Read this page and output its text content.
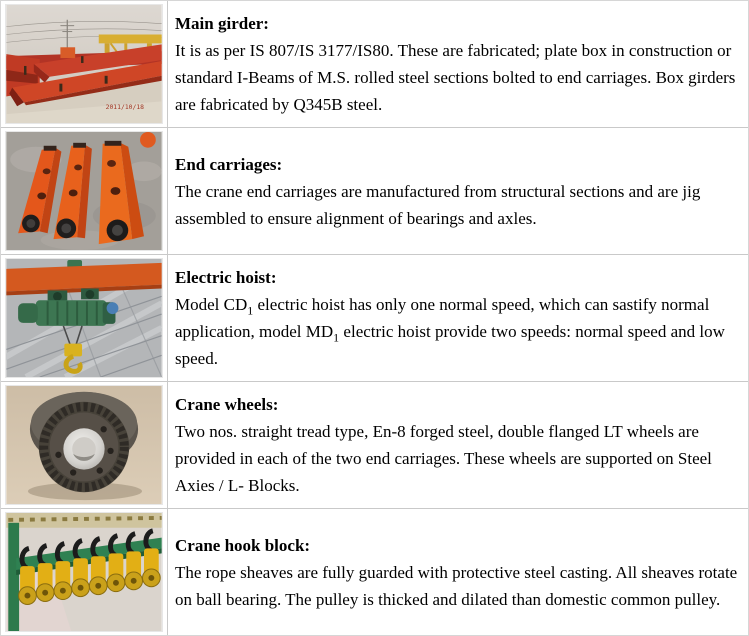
2011/10/18

Main girder:

It is as per IS 807/IS 3177/IS80. These are fabricated; plate box in construction or standard I-Beams of M.S. rolled steel sections bolted to end carriages. Box girders are fabricated by Q345B steel.

End carriages:

The crane end carriages are manufactured from structural sections and are jig assembled to ensure alignment of bearings and axles.

Electric hoist:

Model $CD_1$ electric hoist has only one normal speed, which can sastify normal application, model $MD_1$ electric hoist provide two speeds: normal speed and low speed.

Crane wheels:

Two nos. straight tread type, En-8 forged steel, double flanged LT wheels are provided in each of the two end carriages. These wheels are supported on Steel Axies / L- Blocks.

Crane hook block:

The rope sheaves are fully guarded with protective steel casting. All sheaves rotate on ball bearing. The pulley is thicked and dilated than domestic common pulley.
